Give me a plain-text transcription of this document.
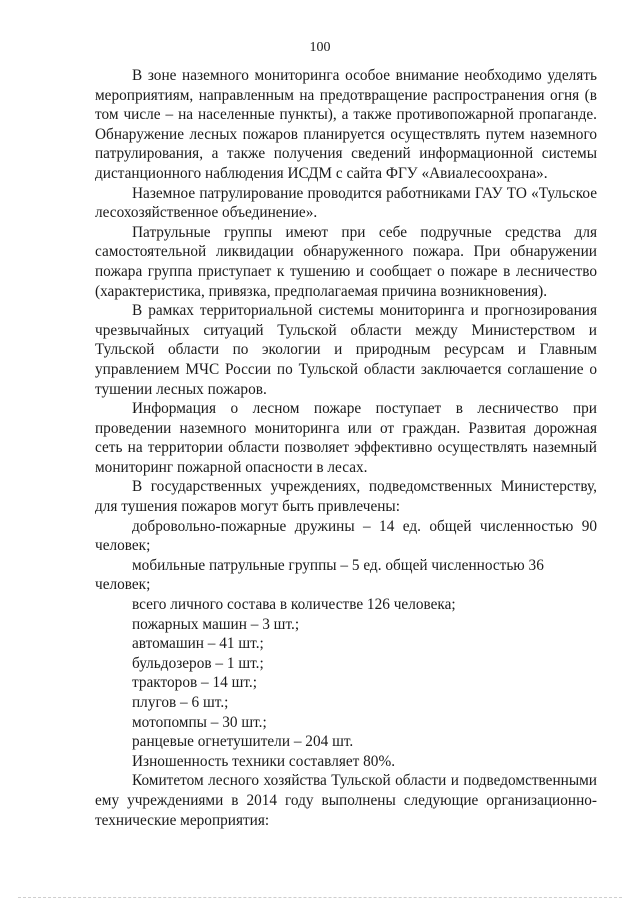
100

В зоне наземного мониторинга особое внимание необходимо уделять мероприятиям, направленным на предотвращение распространения огня (в том числе – на населенные пункты), а также противопожарной пропаганде. Обнаружение лесных пожаров планируется осуществлять путем наземного патрулирования, а также получения сведений информационной системы дистанционного наблюдения ИСДМ с сайта ФГУ «Авиалесоохрана».

Наземное патрулирование проводится работниками ГАУ ТО «Тульское лесохозяйственное объединение».

Патрульные группы имеют при себе подручные средства для самостоятельной ликвидации обнаруженного пожара. При обнаружении пожара группа приступает к тушению и сообщает о пожаре в лесничество (характеристика, привязка, предполагаемая причина возникновения).

В рамках территориальной системы мониторинга и прогнозирования чрезвычайных ситуаций Тульской области между Министерством и Тульской области по экологии и природным ресурсам и Главным управлением МЧС России по Тульской области заключается соглашение о тушении лесных пожаров.

Информация о лесном пожаре поступает в лесничество при проведении наземного мониторинга или от граждан. Развитая дорожная сеть на территории области позволяет эффективно осуществлять наземный мониторинг пожарной опасности в лесах.

В государственных учреждениях, подведомственных Министерству, для тушения пожаров могут быть привлечены:

добровольно-пожарные дружины – 14 ед. общей численностью 90 человек;

мобильные патрульные группы – 5 ед. общей численностью 36 человек;

всего личного состава в количестве 126 человека;

пожарных машин – 3 шт.;

автомашин – 41 шт.;

бульдозеров – 1 шт.;

тракторов – 14 шт.;

плугов – 6 шт.;

мотопомпы – 30 шт.;

ранцевые огнетушители – 204 шт.

Изношенность техники составляет 80%.

Комитетом лесного хозяйства Тульской области и подведомственными ему учреждениями в 2014 году выполнены следующие организационно-технические мероприятия:
